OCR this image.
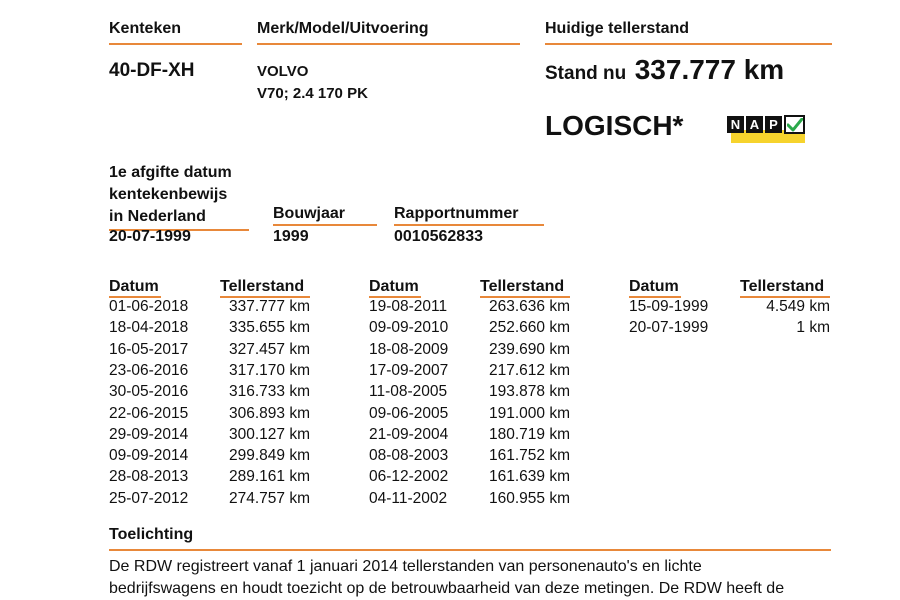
Kenteken
40-DF-XH
Merk/Model/Uitvoering
VOLVO
V70; 2.4 170 PK
Huidige tellerstand
Stand nu 337.777 km
LOGISCH*	N A P
1e afgifte datum
kentekenbewijs
in Nederland
20-07-1999
Bouwjaar
1999
Rapportnummer
0010562833
Datum	Tellerstand
01-06-2018	337.777 km
18-04-2018	335.655 km
16-05-2017	327.457 km
23-06-2016	317.170 km
30-05-2016	316.733 km
22-06-2015	306.893 km
29-09-2014	300.127 km
09-09-2014	299.849 km
28-08-2013	289.161 km
25-07-2012	274.757 km
Datum	Tellerstand
19-08-2011	263.636 km
09-09-2010	252.660 km
18-08-2009	239.690 km
17-09-2007	217.612 km
11-08-2005	193.878 km
09-06-2005	191.000 km
21-09-2004	180.719 km
08-08-2003	161.752 km
06-12-2002	161.639 km
04-11-2002	160.955 km
Datum	Tellerstand
15-09-1999	4.549 km
20-07-1999	1 km
Toelichting
De RDW registreert vanaf 1 januari 2014 tellerstanden van personenauto's en lichte
bedrijfswagens en houdt toezicht op de betrouwbaarheid van deze metingen. De RDW heeft de
